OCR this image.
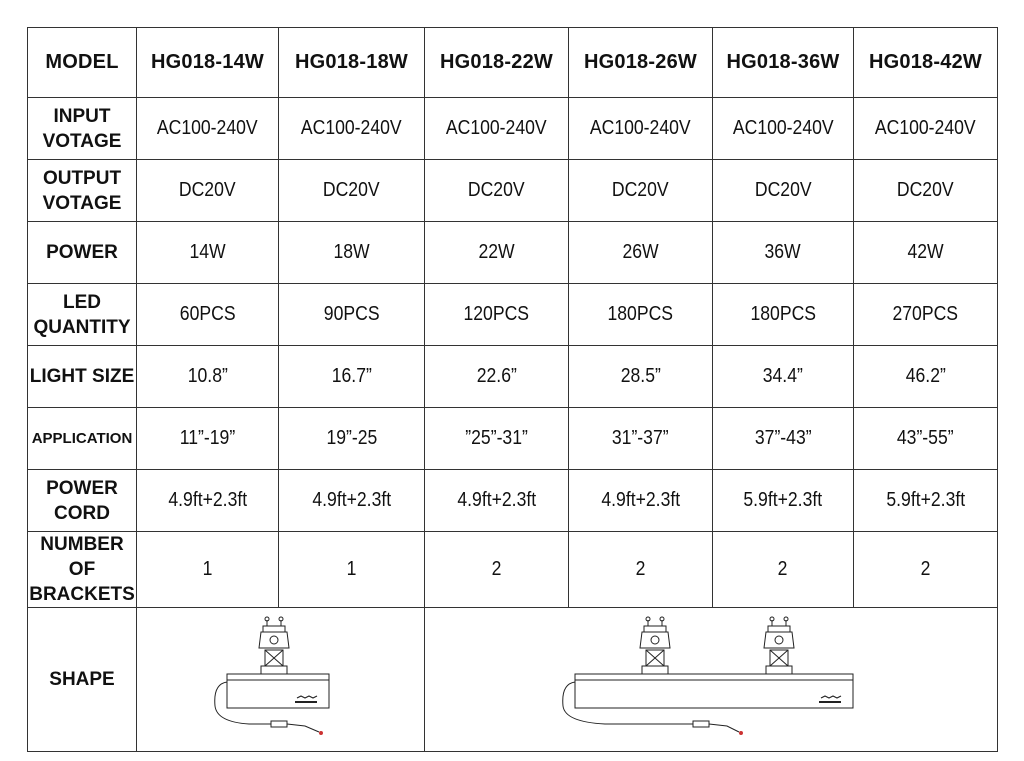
MODEL	HG018-14W	HG018-18W	HG018-22W	HG018-26W	HG018-36W	HG018-42W
INPUT
VOTAGE	AC100-240V	AC100-240V	AC100-240V	AC100-240V	AC100-240V	AC100-240V
OUTPUT
VOTAGE	DC20V	DC20V	DC20V	DC20V	DC20V	DC20V
POWER	14W	18W	22W	26W	36W	42W
LED
QUANTITY	60PCS	90PCS	120PCS	180PCS	180PCS	270PCS
LIGHT SIZE	10.8”	16.7”	22.6”	28.5”	34.4”	46.2”
APPLICATION	11”-19”	19”-25	”25”-31”	31”-37”	37”-43”	43”-55”
POWER
CORD	4.9ft+2.3ft	4.9ft+2.3ft	4.9ft+2.3ft	4.9ft+2.3ft	5.9ft+2.3ft	5.9ft+2.3ft
NUMBER OF
BRACKETS	1	1	2	2	2	2
SHAPE	
